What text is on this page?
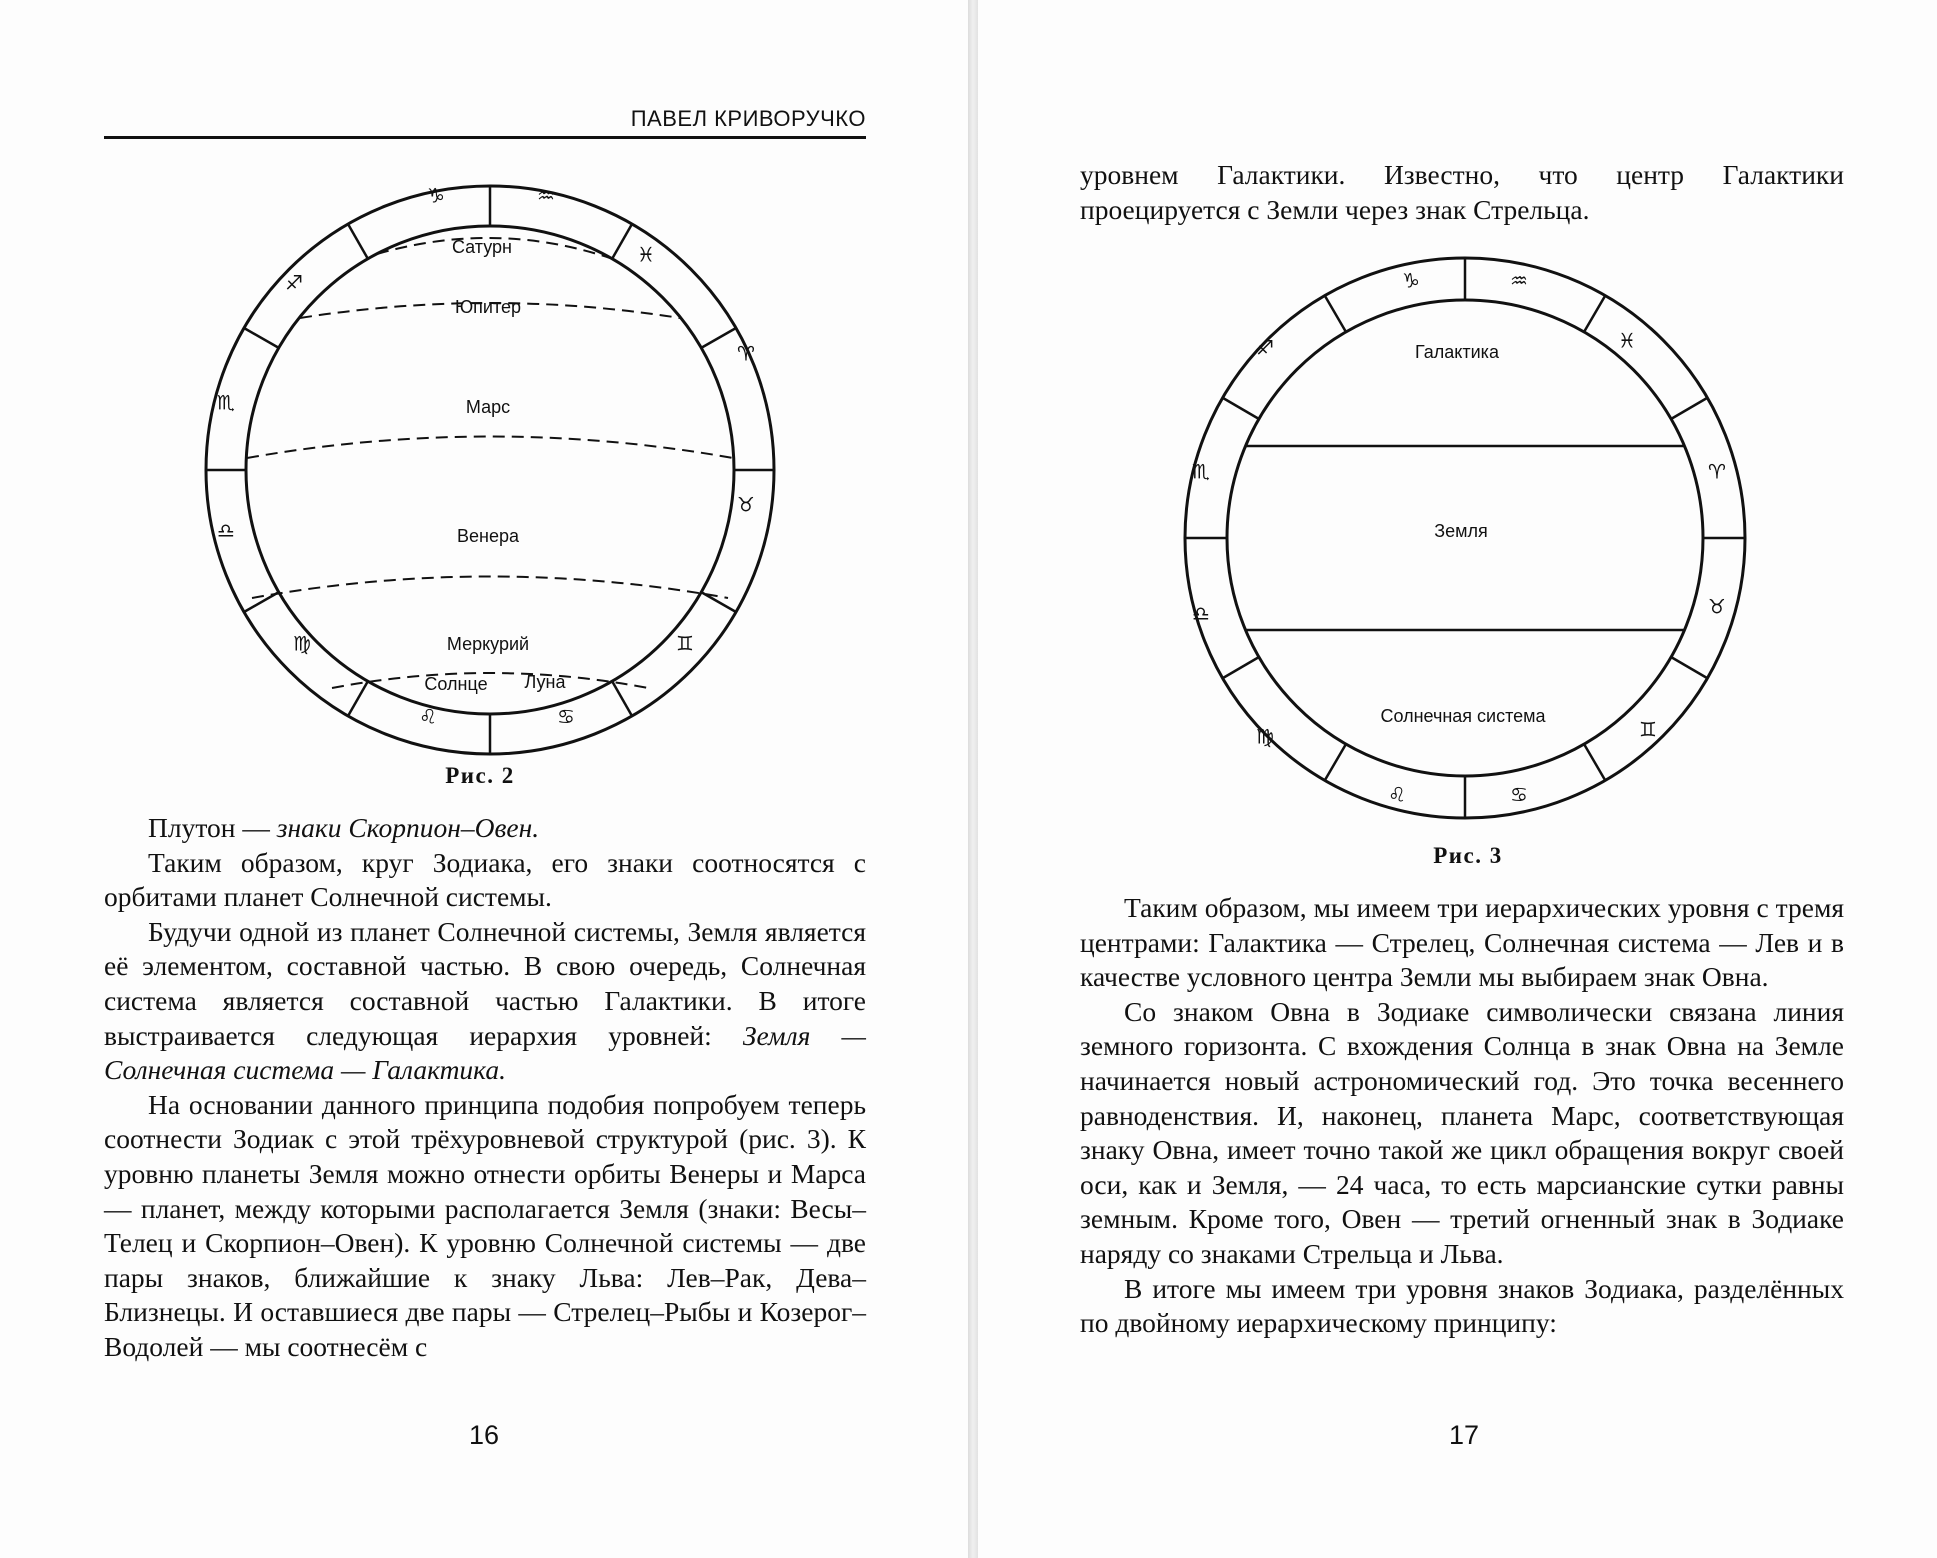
ПАВЕЛ КРИВОРУЧКО
Сатурн
Юпитер
Марс
Венера
Меркурий
Солнце Луна
♑	♒
♓
♈
♉
♊
♋
♌
♍
♎
♏
♐
Рис. 2

Плутон — знаки Скорпион–Овен.

Таким образом, круг Зодиака, его знаки соотносятся с орбитами планет Солнечной системы.

Будучи одной из планет Солнечной системы, Земля является её элементом, составной частью. В свою очередь, Солнечная система является составной частью Галактики. В итоге выстраивается следующая иерархия уровней: Земля — Солнечная система — Галактика.

На основании данного принципа подобия попробуем теперь соотнести Зодиак с этой трёхуровневой структурой (рис. 3). К уровню планеты Земля можно отнести орбиты Венеры и Марса — планет, между которыми располагается Земля (знаки: Весы–Телец и Скорпион–Овен). К уровню Солнечной системы — две пары знаков, ближайшие к знаку Льва: Лев–Рак, Дева–Близнецы. И оставшиеся две пары — Стрелец–Рыбы и Козерог–Водолей — мы соотнесём с

16

уровнем Галактики. Известно, что центр Галактики проецируется с Земли через знак Стрельца.

Галактика
Земля
Солнечная система
♑	♒
♓
♈
♉
♊
♋
♌
♍
♎
♏
♐
Рис. 3

Таким образом, мы имеем три иерархических уровня с тремя центрами: Галактика — Стрелец, Солнечная система — Лев и в качестве условного центра Земли мы выбираем знак Овна.

Со знаком Овна в Зодиаке символически связана линия земного горизонта. С вхождения Солнца в знак Овна на Земле начинается новый астрономический год. Это точка весеннего равноденствия. И, наконец, планета Марс, соответствующая знаку Овна, имеет точно такой же цикл обращения вокруг своей оси, как и Земля, — 24 часа, то есть марсианские сутки равны земным. Кроме того, Овен — третий огненный знак в Зодиаке наряду со знаками Стрельца и Льва.

В итоге мы имеем три уровня знаков Зодиака, разделённых по двойному иерархическому принципу:

17
